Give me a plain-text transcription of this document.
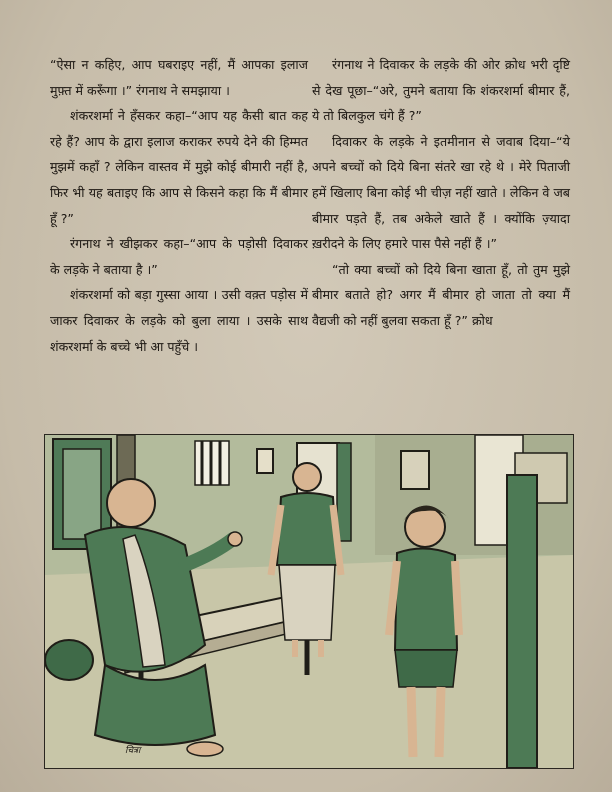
“ऐसा न कहिए, आप घबराइए नहीं, मैं आपका इलाज मुफ़्त में करूँगा ।” रंगनाथ ने समझाया ।

शंकरशर्मा ने हँसकर कहा–“आप यह कैसी बात कह रहे हैं? आप के द्वारा इलाज कराकर रुपये देने की हिम्मत मुझमें कहाँ ? लेकिन वास्तव में मुझे कोई बीमारी नहीं है, फिर भी यह बताइए कि आप से किसने कहा कि मैं बीमार हूँ ?”

रंगनाथ ने खीझकर कहा–“आप के पड़ोसी दिवाकर के लड़के ने बताया है ।”

शंकरशर्मा को बड़ा गुस्सा आया । उसी वक़्त पड़ोस में जाकर दिवाकर के लड़के को बुला लाया । उसके साथ शंकरशर्मा के बच्चे भी आ पहुँचे ।

रंगनाथ ने दिवाकर के लड़के की ओर क्रोध भरी दृष्टि से देख पूछा–“अरे, तुमने बताया कि शंकरशर्मा बीमार हैं, ये तो बिलकुल चंगे हैं ?”

दिवाकर के लड़के ने इतमीनान से जवाब दिया–“ये अपने बच्चों को दिये बिना संतरे खा रहे थे । मेरे पिताजी हमें खिलाए बिना कोई भी चीज़ नहीं खाते । लेकिन वे जब बीमार पड़ते हैं, तब अकेले खाते हैं । क्योंकि ज़्यादा ख़रीदने के लिए हमारे पास पैसे नहीं हैं ।”

“तो क्या बच्चों को दिये बिना खाता हूँ, तो तुम मुझे बीमार बताते हो? अगर मैं बीमार हो जाता तो क्या मैं वैद्यजी को नहीं बुलवा सकता हूँ ?” क्रोध

चित्रा
